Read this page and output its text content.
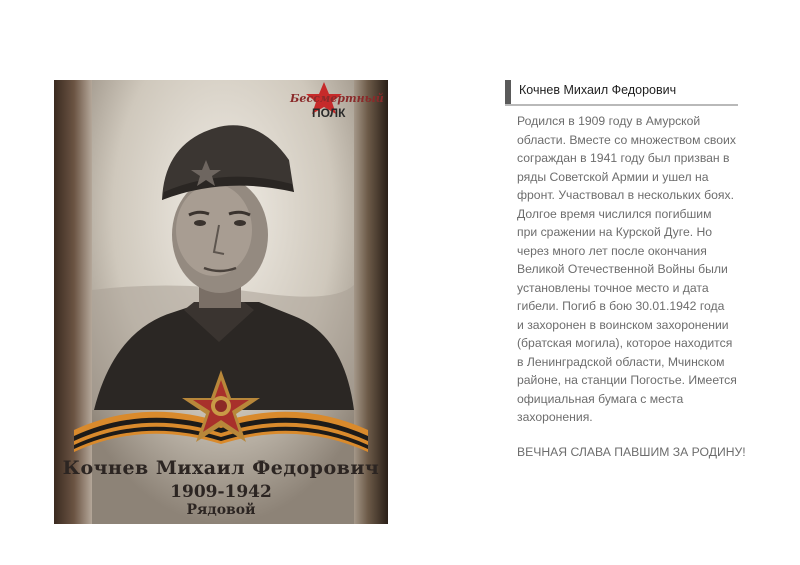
Бессмертный
ПОЛК
Кочнев Михаил Федорович
1909-1942
Рядовой
Кочнев Михаил Федорович
Родился в 1909 году в Амурской
области. Вместе со множеством своих
сограждан в 1941 году был призван в
ряды Советской Армии и ушел на
фронт. Участвовал в нескольких боях.
Долгое время числился погибшим
при сражении на Курской Дуге. Но
через много лет после окончания
Великой Отечественной Войны были
установлены точное место и дата
гибели. Погиб в бою 30.01.1942 года
и захоронен в воинском захоронении
(братская могила), которое находится
в Ленинградской области, Мчинском
районе, на станции Погостье. Имеется
официальная бумага с места
захоронения.
ВЕЧНАЯ СЛАВА ПАВШИМ ЗА РОДИНУ!
